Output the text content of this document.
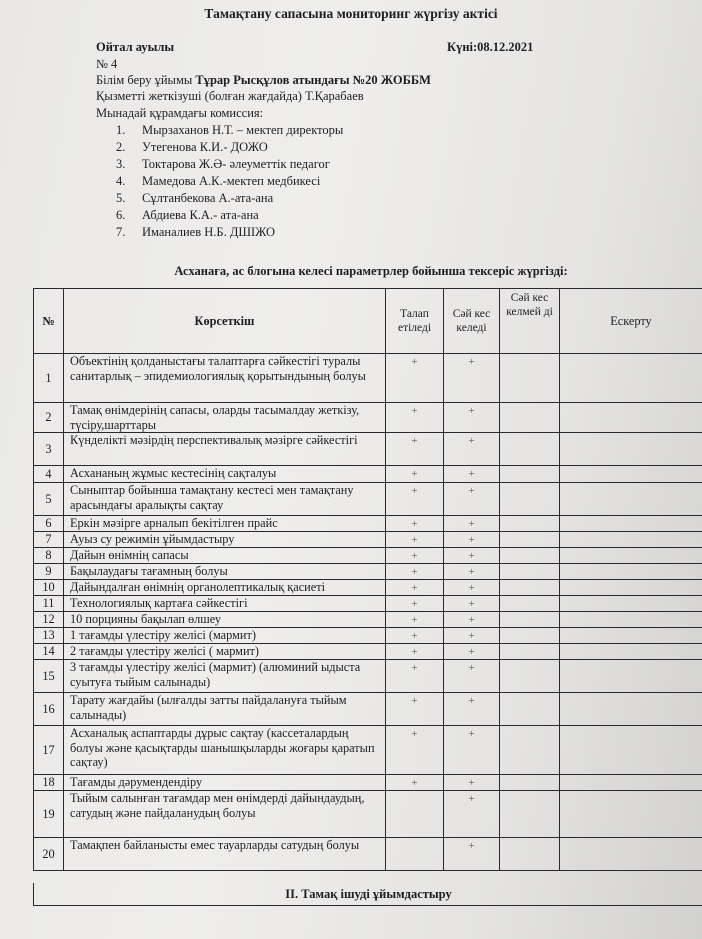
Тамақтану сапасына мониторинг жүргізу актісі
Ойтал ауылы	Күні:08.12.2021
№ 4
Білім беру ұйымы Тұрар Рысқұлов атындағы №20 ЖОББМ
Қызметті жеткізуші (болған жағдайда) Т.Қарабаев
Мынадай құрамдағы комиссия:
1. Мырзаханов Н.Т. – мектеп директоры
2. Утегенова К.И.- ДОЖО
3. Токтарова Ж.Ә- әлеуметтік педагог
4. Мамедова А.К.-мектеп медбикесі
5. Сұлтанбекова А.-ата-ана
6. Абдиева К.А.- ата-ана
7. Иманалиев Н.Б. ДШІЖО
Асханаға, ас блогына келесі параметрлер бойынша тексеріс жүргізді:
№	Көрсеткіш	Талап етіледі	Сәй кес келеді	Сәй кес келмей ді	Ескерту
1	Объектінің қолданыстағы талаптарға сәйкестігі туралы санитарлық – эпидемиологиялық қорытындының болуы	+	+		
2	Тамақ өнімдерінің сапасы, оларды тасымалдау жеткізу, түсіру,шарттары	+	+		
3	Күнделікті мәзірдің перспективалық мәзірге сәйкестігі	+	+		
4	Асхананың жұмыс кестесінің сақталуы	+	+		
5	Сыныптар бойынша тамақтану кестесі мен тамақтану арасындағы аралықты сақтау	+	+		
6	Еркін мәзірге арналып бекітілген прайс	+	+		
7	Ауыз су режимін ұйымдастыру	+	+		
8	Дайын өнімнің сапасы	+	+		
9	Бақылаудағы тағамның болуы	+	+		
10	Дайындалған өнімнің органолептикалық қасиеті	+	+		
11	Технологиялық картаға сәйкестігі	+	+		
12	10 порцияны бақылап өлшеу	+	+		
13	1 тағамды үлестіру желісі (мармит)	+	+		
14	2 тағамды үлестіру желісі ( мармит)	+	+		
15	3 тағамды үлестіру желісі (мармит) (алюминий ыдыста суытуға тыйым салынады)	+	+		
16	Тарату жағдайы (ылғалды затты пайдалануға тыйым салынады)	+	+		
17	Асханалық аспаптарды дұрыс сақтау (кассеталардың болуы және қасықтарды шанышқыларды жоғары қаратып сақтау)	+	+		
18	Тағамды дәрумендендіру	+	+		
19	Тыйым салынған тағамдар мен өнімдерді дайындаудың, сатудың және пайдаланудың болуы		+		
20	Тамақпен байланысты емес тауарларды сатудың болуы		+		
ІІ. Тамақ ішуді ұйымдастыру
